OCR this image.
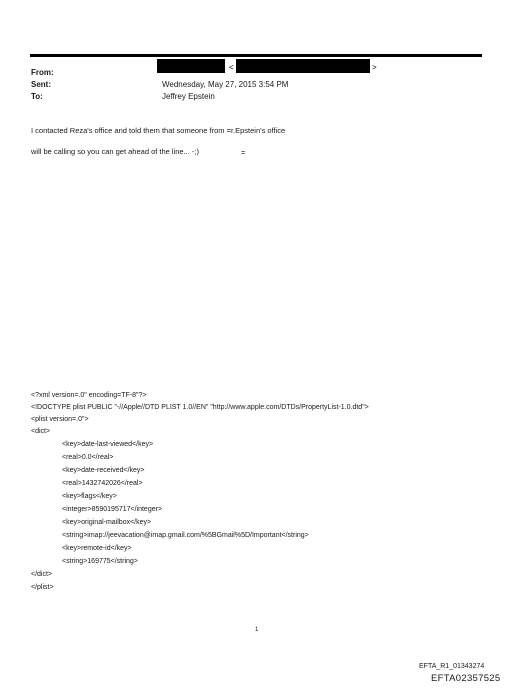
From:
Sent:
To:
<	>
Wednesday, May 27, 2015 3:54 PM
Jeffrey Epstein
I contacted Reza's office and told them that someone from =r.Epstein's office
will be calling so you can get ahead of the line... -;)	=
<?xml version=.0" encoding=TF-8"?>
<!DOCTYPE plist PUBLIC "-//Apple//DTD PLIST 1.0//EN" "http://www.apple.com/DTDs/PropertyList-1.0.dtd">
<plist version=.0">
<dict>
<key>date-last-viewed</key>
<real>0.0</real>
<key>date-received</key>
<real>1432742026</real>
<key>flags</key>
<integer>8590195717</integer>
<key>original-mailbox</key>
<string>imap://jeevacation@imap.gmail.com/%5BGmail%5D/Important</string>
<key>remote-id</key>
<string>169775</string>
</dict>
</plist>
1
EFTA_R1_01343274
EFTA02357525
